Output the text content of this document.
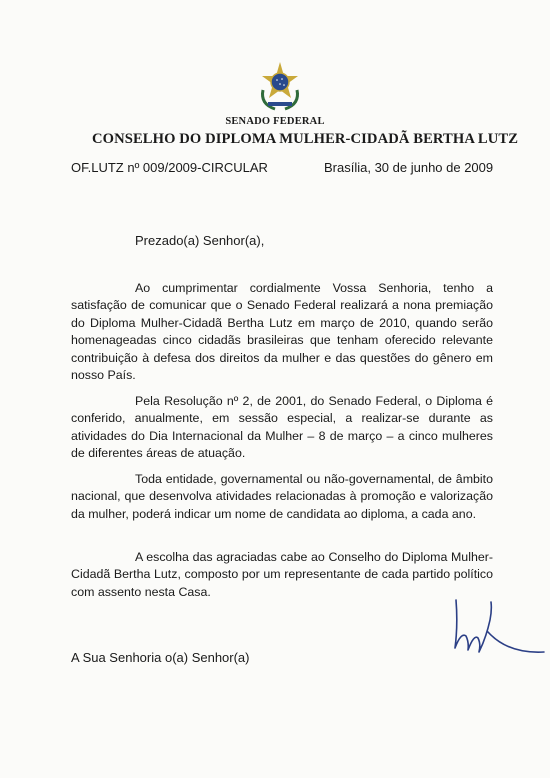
SENADO FEDERAL
CONSELHO DO DIPLOMA MULHER-CIDADÃ BERTHA LUTZ
OF.LUTZ nº 009/2009-CIRCULAR	Brasília, 30 de junho de 2009
Prezado(a) Senhor(a),

Ao cumprimentar cordialmente Vossa Senhoria, tenho a satisfação de comunicar que o Senado Federal realizará a nona premiação do Diploma Mulher-Cidadã Bertha Lutz em março de 2010, quando serão homenageadas cinco cidadãs brasileiras que tenham oferecido relevante contribuição à defesa dos direitos da mulher e das questões do gênero em nosso País.

Pela Resolução nº 2, de 2001, do Senado Federal, o Diploma é conferido, anualmente, em sessão especial, a realizar-se durante as atividades do Dia Internacional da Mulher – 8 de março – a cinco mulheres de diferentes áreas de atuação.

Toda entidade, governamental ou não-governamental, de âmbito nacional, que desenvolva atividades relacionadas à promoção e valorização da mulher, poderá indicar um nome de candidata ao diploma, a cada ano.

A escolha das agraciadas cabe ao Conselho do Diploma Mulher-Cidadã Bertha Lutz, composto por um representante de cada partido político com assento nesta Casa.

A Sua Senhoria o(a) Senhor(a)
